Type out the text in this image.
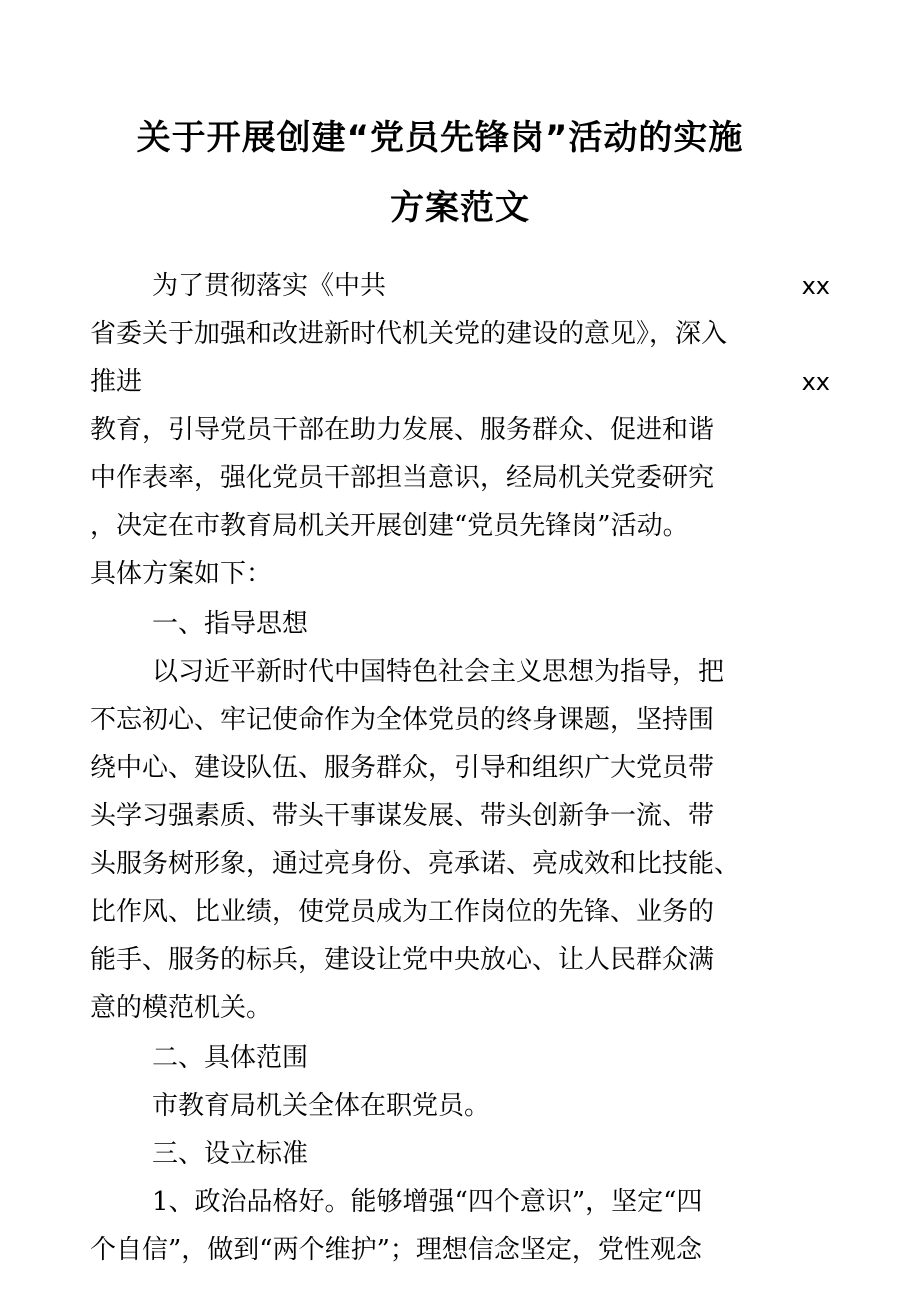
关于开展创建“党员先锋岗”活动的实施
方案范文
为了贯彻落实《中共	xx
省委关于加强和改进新时代机关党的建设的意见》，深入
推进	xx
教育，引导党员干部在助力发展、服务群众、促进和谐
中作表率，强化党员干部担当意识，经局机关党委研究
，决定在市教育局机关开展创建“党员先锋岗”活动。
具体方案如下：
一、指导思想
以习近平新时代中国特色社会主义思想为指导，把
不忘初心、牢记使命作为全体党员的终身课题，坚持围
绕中心、建设队伍、服务群众，引导和组织广大党员带
头学习强素质、带头干事谋发展、带头创新争一流、带
头服务树形象，通过亮身份、亮承诺、亮成效和比技能、
比作风、比业绩，使党员成为工作岗位的先锋、业务的
能手、服务的标兵，建设让党中央放心、让人民群众满
意的模范机关。
二、具体范围
市教育局机关全体在职党员。
三、设立标准
1、政治品格好。能够增强“四个意识”，坚定“四
个自信”，做到“两个维护”；理想信念坚定，党性观念
